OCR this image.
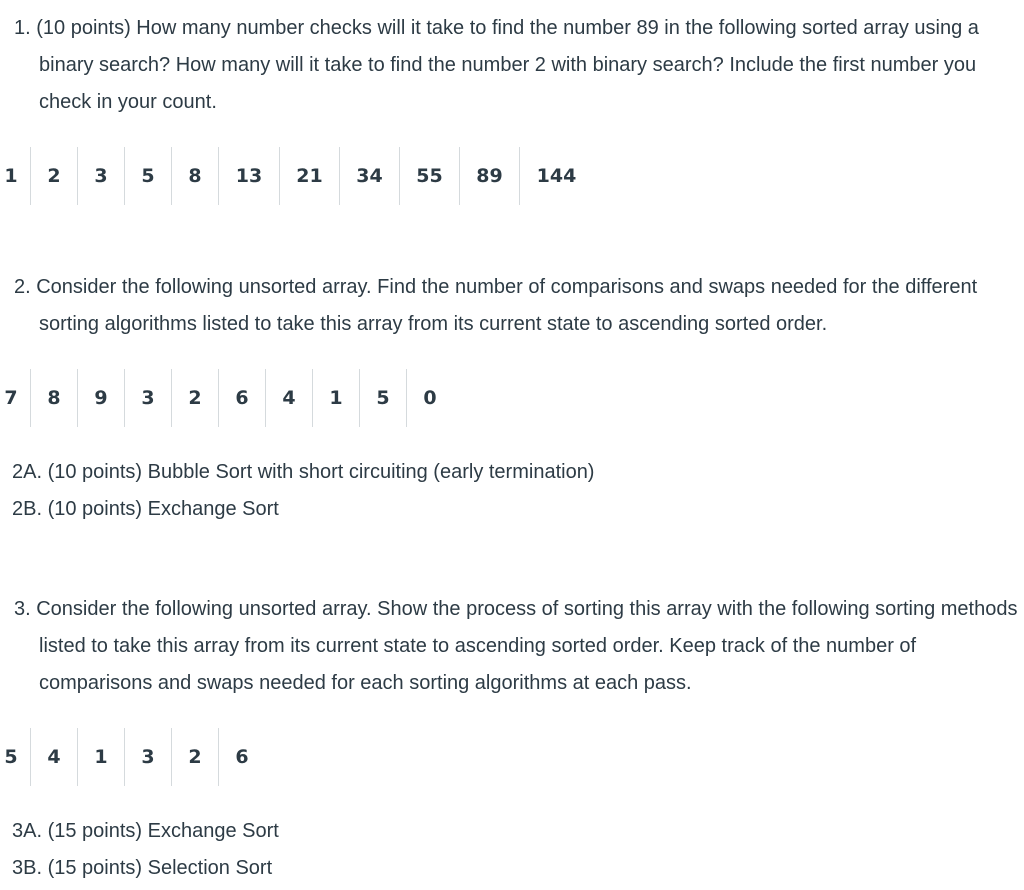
1. (10 points) How many number checks will it take to find the number 89 in the following sorted array using a binary search? How many will it take to find the number 2 with binary search? Include the first number you check in your count.

1	2	3	5	8	13	21	34	55	89	144

2. Consider the following unsorted array. Find the number of comparisons and swaps needed for the different sorting algorithms listed to take this array from its current state to ascending sorted order.

7	8	9	3	2	6	4	1	5	0

2A. (10 points) Bubble Sort with short circuiting (early termination)

2B. (10 points) Exchange Sort

3. Consider the following unsorted array. Show the process of sorting this array with the following sorting methods listed to take this array from its current state to ascending sorted order. Keep track of the number of comparisons and swaps needed for each sorting algorithms at each pass.

5	4	1	3	2	6

3A. (15 points) Exchange Sort

3B. (15 points) Selection Sort
